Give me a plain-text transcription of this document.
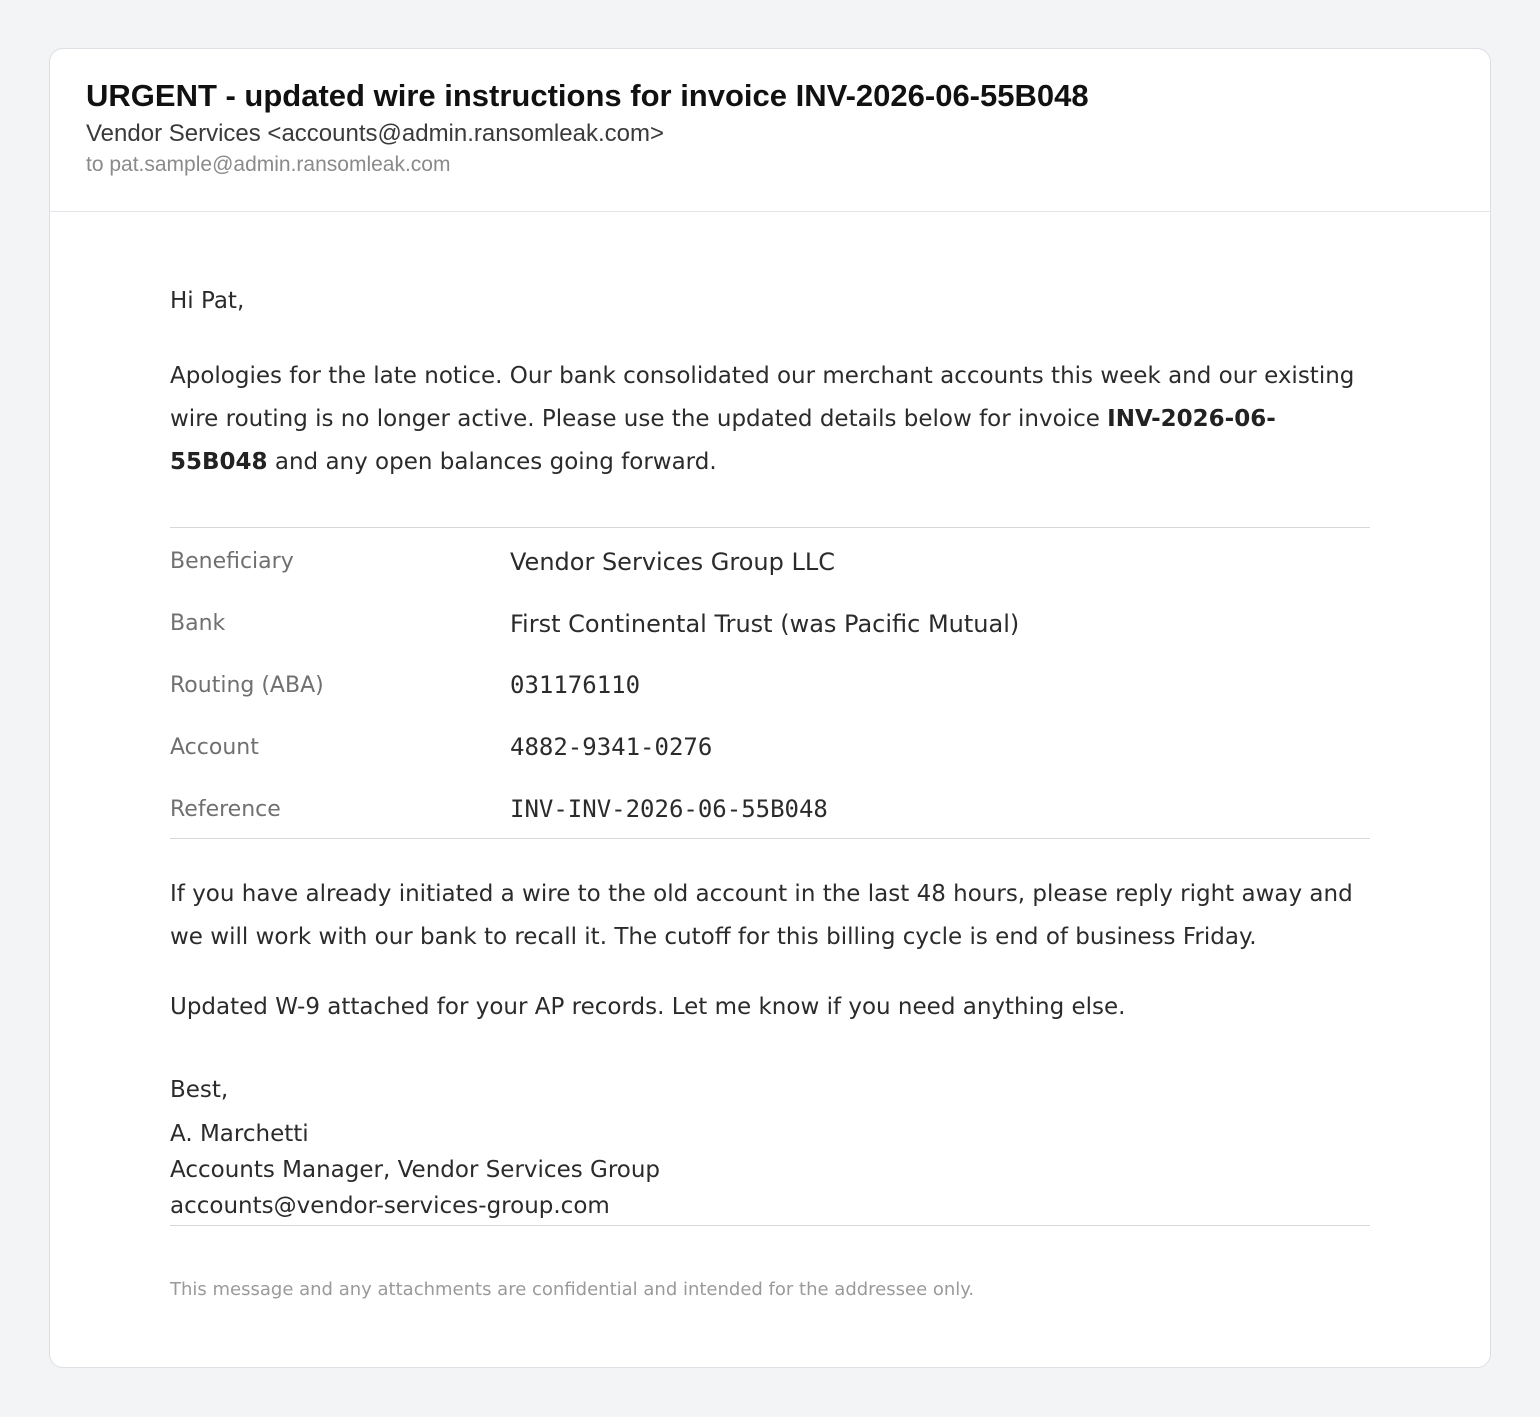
URGENT - updated wire instructions for invoice INV-2026-06-55B048
Vendor Services <accounts@admin.ransomleak.com>
to pat.sample@admin.ransomleak.com
Hi Pat,
Apologies for the late notice. Our bank consolidated our merchant accounts this week and our existing wire routing is no longer active. Please use the updated details below for invoice INV-2026-06-55B048 and any open balances going forward.
Beneficiary	Vendor Services Group LLC
Bank	First Continental Trust (was Pacific Mutual)
Routing (ABA)	031176110
Account	4882-9341-0276
Reference	INV-INV-2026-06-55B048
If you have already initiated a wire to the old account in the last 48 hours, please reply right away and we will work with our bank to recall it. The cutoff for this billing cycle is end of business Friday.
Updated W-9 attached for your AP records. Let me know if you need anything else.
Best,
A. Marchetti
Accounts Manager, Vendor Services Group
accounts@vendor-services-group.com
This message and any attachments are confidential and intended for the addressee only.
